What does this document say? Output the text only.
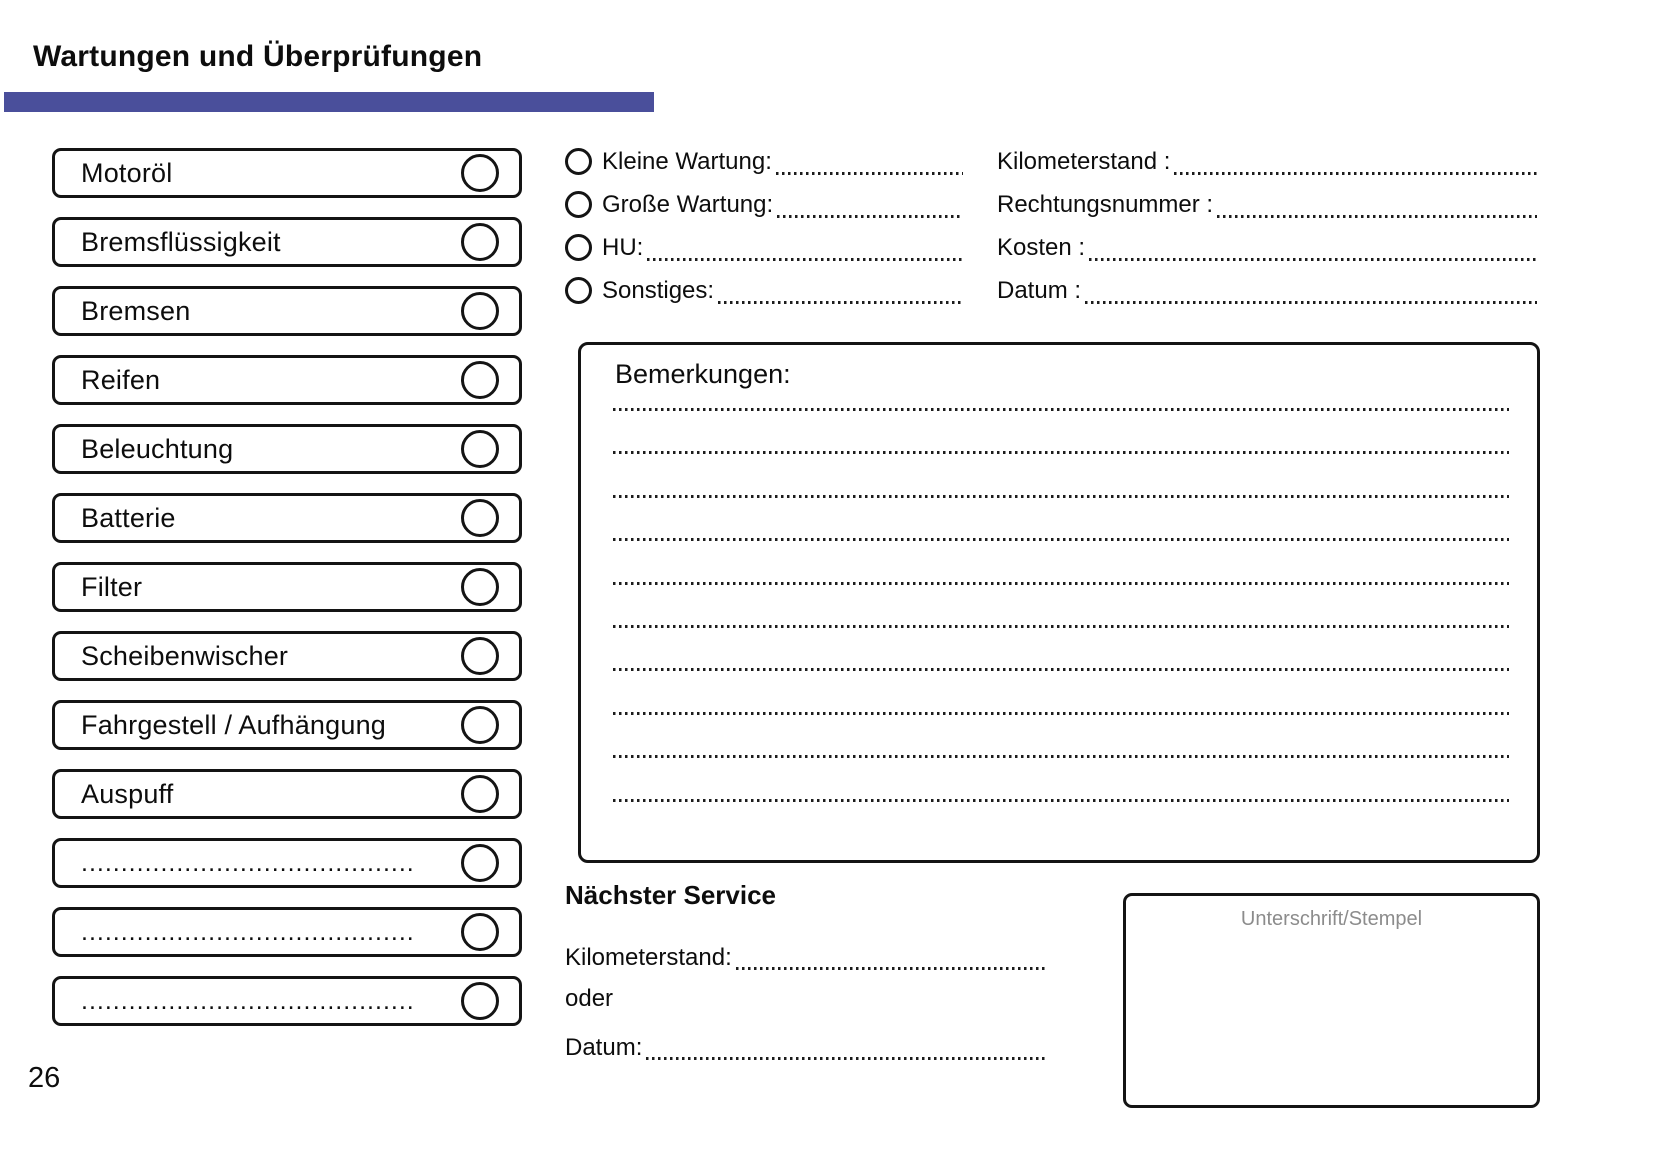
Wartungen und Überprüfungen
Motoröl
Bremsflüssigkeit
Bremsen
Reifen
Beleuchtung
Batterie
Filter
Scheibenwischer
Fahrgestell / Aufhängung
Auspuff
..........................................
..........................................
..........................................
Kleine Wartung:
Große Wartung:
HU:
Sonstiges:
Kilometerstand :
Rechtungsnummer :
Kosten :
Datum :
Bemerkungen:
Nächster Service
Kilometerstand:
oder
Datum:
Unterschrift/Stempel
26
